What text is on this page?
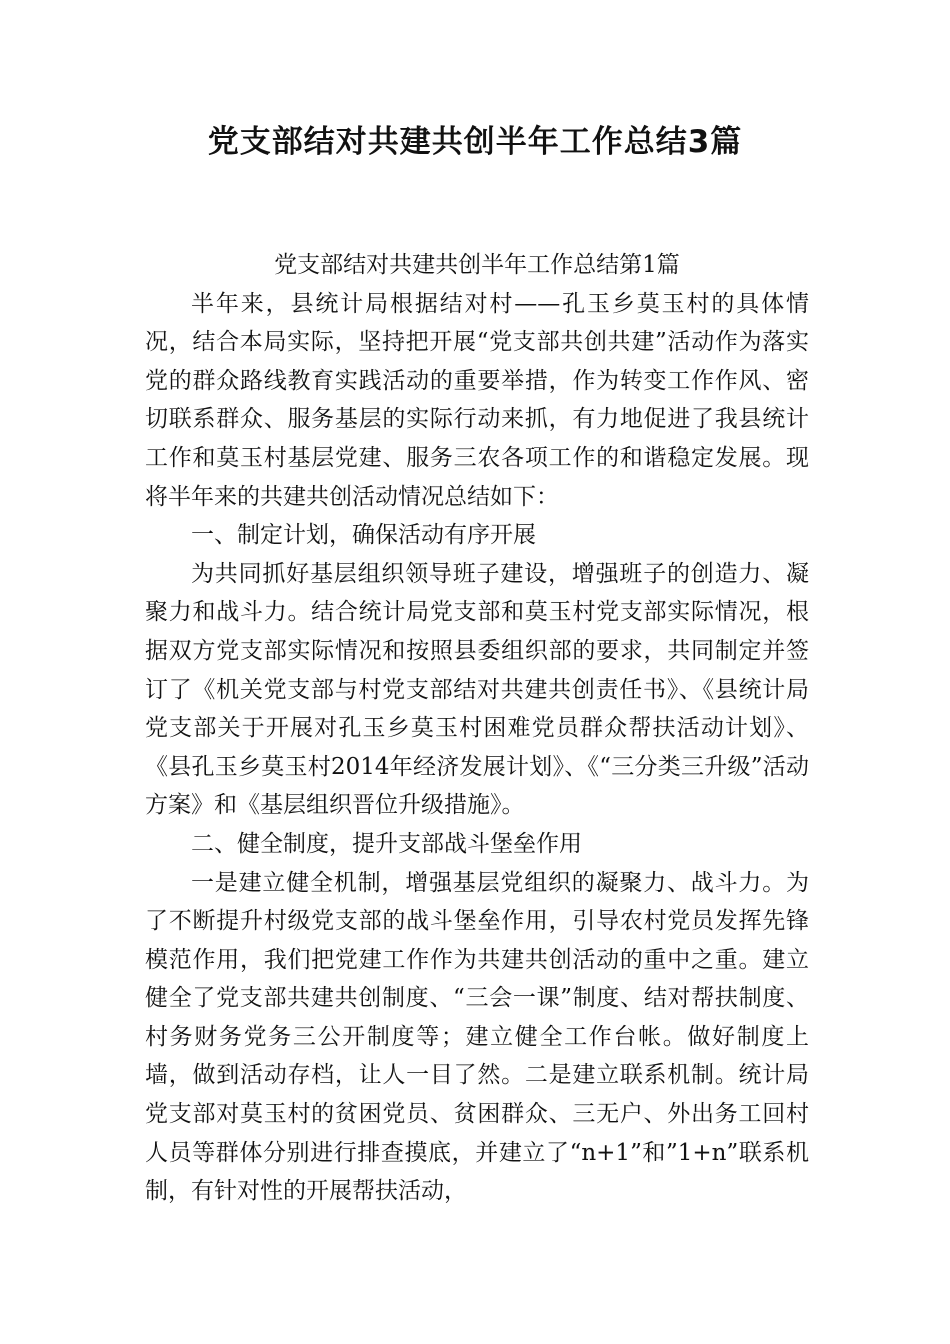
党支部结对共建共创半年工作总结3篇

党支部结对共建共创半年工作总结第1篇

半年来，县统计局根据结对村——孔玉乡莫玉村的具体情况，结合本局实际，坚持把开展“党支部共创共建”活动作为落实党的群众路线教育实践活动的重要举措，作为转变工作作风、密切联系群众、服务基层的实际行动来抓，有力地促进了我县统计工作和莫玉村基层党建、服务三农各项工作的和谐稳定发展。现将半年来的共建共创活动情况总结如下：

一、制定计划，确保活动有序开展

为共同抓好基层组织领导班子建设，增强班子的创造力、凝聚力和战斗力。结合统计局党支部和莫玉村党支部实际情况，根据双方党支部实际情况和按照县委组织部的要求，共同制定并签订了《机关党支部与村党支部结对共建共创责任书》、《县统计局党支部关于开展对孔玉乡莫玉村困难党员群众帮扶活动计划》、《县孔玉乡莫玉村2014年经济发展计划》、《“三分类三升级”活动方案》和《基层组织晋位升级措施》。

二、健全制度，提升支部战斗堡垒作用

一是建立健全机制，增强基层党组织的凝聚力、战斗力。为了不断提升村级党支部的战斗堡垒作用，引导农村党员发挥先锋模范作用，我们把党建工作作为共建共创活动的重中之重。建立健全了党支部共建共创制度、“三会一课”制度、结对帮扶制度、村务财务党务三公开制度等；建立健全工作台帐。做好制度上墙，做到活动存档，让人一目了然。二是建立联系机制。统计局党支部对莫玉村的贫困党员、贫困群众、三无户、外出务工回村人员等群体分别进行排查摸底，并建立了“n+1”和”1+n”联系机制，有针对性的开展帮扶活动，
